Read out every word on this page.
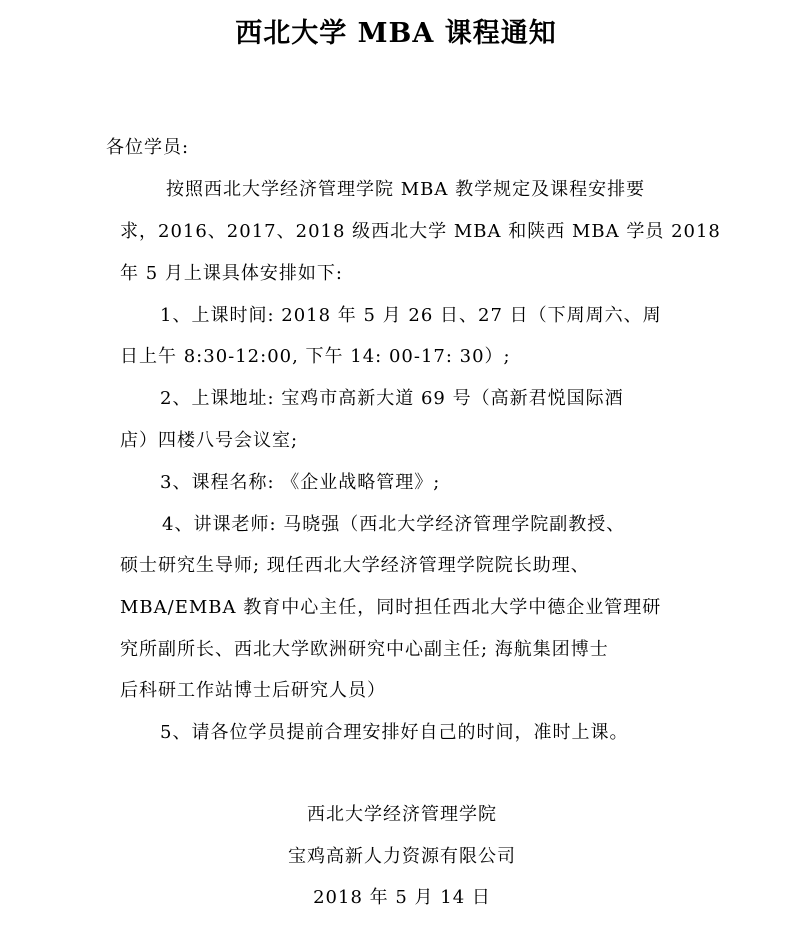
西北大学 MBA 课程通知
各位学员:
按照西北大学经济管理学院 MBA 教学规定及课程安排要
求，2016、2017、2018 级西北大学 MBA 和陕西 MBA 学员 2018
年 5 月上课具体安排如下:
1、上课时间: 2018 年 5 月 26 日、27 日（下周周六、周
日上午 8:30-12:00, 下午 14: 00-17: 30）;
2、上课地址: 宝鸡市高新大道 69 号（高新君悦国际酒
店）四楼八号会议室;
3、课程名称: 《企业战略管理》;
4、讲课老师: 马晓强（西北大学经济管理学院副教授、
硕士研究生导师; 现任西北大学经济管理学院院长助理、
MBA/EMBA 教育中心主任，同时担任西北大学中德企业管理研
究所副所长、西北大学欧洲研究中心副主任; 海航集团博士
后科研工作站博士后研究人员）
5、请各位学员提前合理安排好自己的时间，准时上课。
西北大学经济管理学院
宝鸡高新人力资源有限公司
2018 年 5 月 14 日
